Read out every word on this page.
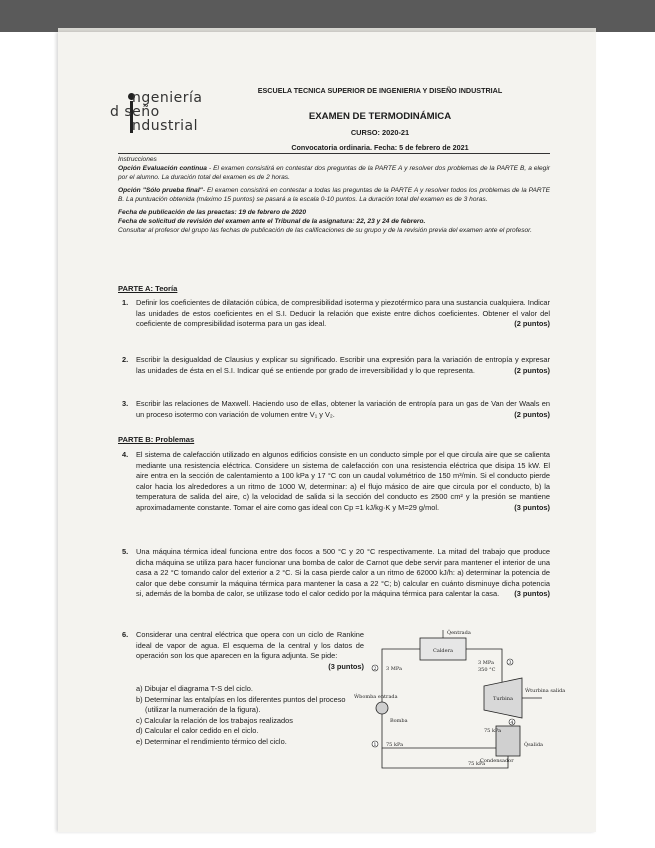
ngeniería
d seño
ndustrial
ESCUELA TECNICA SUPERIOR DE INGENIERIA Y DISEÑO INDUSTRIAL
EXAMEN DE TERMODINÁMICA
CURSO: 2020-21
Convocatoria ordinaria. Fecha: 5 de febrero de 2021
Instrucciones
Opción Evaluación continua - El examen consistirá en contestar dos preguntas de la PARTE A y resolver dos problemas de la PARTE B, a elegir por el alumno. La duración total del examen es de 2 horas.
Opción "Sólo prueba final"- El examen consistirá en contestar a todas las preguntas de la PARTE A y resolver todos los problemas de la PARTE B. La puntuación obtenida (máximo 15 puntos) se pasará a la escala 0-10 puntos. La duración total del examen es de 3 horas.
Fecha de publicación de las preactas: 19 de febrero de 2020
Fecha de solicitud de revisión del examen ante el Tribunal de la asignatura: 22, 23 y 24 de febrero.
Consultar al profesor del grupo las fechas de publicación de las calificaciones de su grupo y de la revisión previa del examen ante el profesor.
PARTE A: Teoría
1. Definir los coeficientes de dilatación cúbica, de compresibilidad isoterma y piezotérmico para una sustancia cualquiera. Indicar las unidades de estos coeficientes en el S.I. Deducir la relación que existe entre dichos coeficientes. Obtener el valor del coeficiente de compresibilidad isoterma para un gas ideal.	(2 puntos)
2. Escribir la desigualdad de Clausius y explicar su significado. Escribir una expresión para la variación de entropía y expresar las unidades de ésta en el S.I. Indicar qué se entiende por grado de irreversibilidad y lo que representa.	(2 puntos)
3. Escribir las relaciones de Maxwell. Haciendo uso de ellas, obtener la variación de entropía para un gas de Van der Waals en un proceso isotermo con variación de volumen entre V₁ y V₂.	(2 puntos)
PARTE B: Problemas
4. El sistema de calefacción utilizado en algunos edificios consiste en un conducto simple por el que circula aire que se calienta mediante una resistencia eléctrica. Considere un sistema de calefacción con una resistencia eléctrica que disipa 15 kW. El aire entra en la sección de calentamiento a 100 kPa y 17 °C con un caudal volumétrico de 150 m³/min. Si el conducto pierde calor hacia los alrededores a un ritmo de 1000 W, determinar: a) el flujo másico de aire que circula por el conducto, b) la temperatura de salida del aire, c) la velocidad de salida si la sección del conducto es 2500 cm² y la presión se mantiene aproximadamente constante. Tomar el aire como gas ideal con Cp =1 kJ/kg·K y M=29 g/mol.	(3 puntos)
5. Una máquina térmica ideal funciona entre dos focos a 500 °C y 20 °C respectivamente. La mitad del trabajo que produce dicha máquina se utiliza para hacer funcionar una bomba de calor de Carnot que debe servir para mantener el interior de una casa a 22 °C tomando calor del exterior a 2 °C. Si la casa pierde calor a un ritmo de 62000 kJ/h: a) determinar la potencia de calor que debe consumir la máquina térmica para mantener la casa a 22 °C; b) calcular en cuánto disminuye dicha potencia si, además de la bomba de calor, se utilizase todo el calor cedido por la máquina térmica para calentar la casa. (3 puntos)
6. Considerar una central eléctrica que opera con un ciclo de Rankine ideal de vapor de agua. El esquema de la central y los datos de operación son los que aparecen en la figura adjunta. Se pide:
(3 puntos)
a) Dibujar el diagrama T-S del ciclo.
b) Determinar las entalpías en los diferentes puntos del proceso (utilizar la numeración de la figura).
c) Calcular la relación de los trabajos realizados
d) Calcular el calor cedido en el ciclo.
e) Determinar el rendimiento térmico del ciclo.
Caldera
Q̇entrada
Turbina
Ẇturbina salida
Ẇbomba entrada
Bomba
Condensador
Q̇salida
2 3 MPa
3
3 MPa
350 °C
4
75 kPa
1 75 kPa
75 kPa
